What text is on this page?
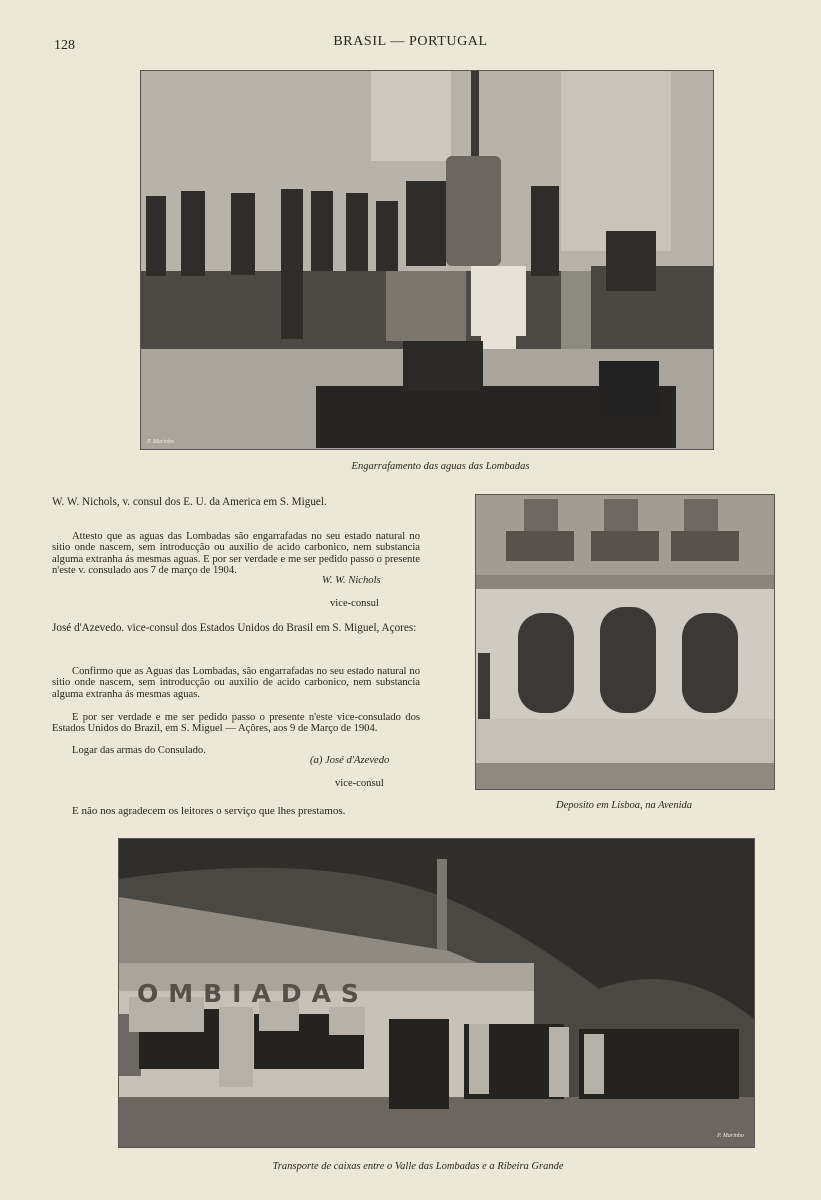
128	BRASIL — PORTUGAL
P. Marinho
Engarrafamento das aguas das Lombadas
Deposito em Lisboa, na Avenida
W. W. Nichols, v. consul dos E. U. da America em S. Miguel.

Attesto que as aguas das Lombadas são engarrafadas no seu estado natural no sitio onde nascem, sem introducção ou auxilio de acido carbonico, nem substancia alguma extranha ás mesmas aguas. E por ser verdade e me ser pedido passo o presente n'este v. consulado aos 7 de março de 1904.

W. W. Nichols
vice-consul
José d'Azevedo. vice-consul dos Estados Unidos do Brasil em S. Miguel, Açores:

Confirmo que as Aguas das Lombadas, são engarrafadas no seu estado natural no sitio onde nascem, sem introducção ou auxilio de acido carbonico, nem substancia alguma extranha ás mesmas aguas.

E por ser verdade e me ser pedido passo o presente n'este vice-consulado dos Estados Unidos do Brazil, em S. Miguel — Açôres, aos 9 de Março de 1904.

Logar das armas do Consulado.
(a) José d'Azevedo
vice-consul
E não nos agradecem os leitores o serviço que lhes prestamos.
OMBIADAS
P. Marinho
Transporte de caixas entre o Valle das Lombadas e a Ribeira Grande
